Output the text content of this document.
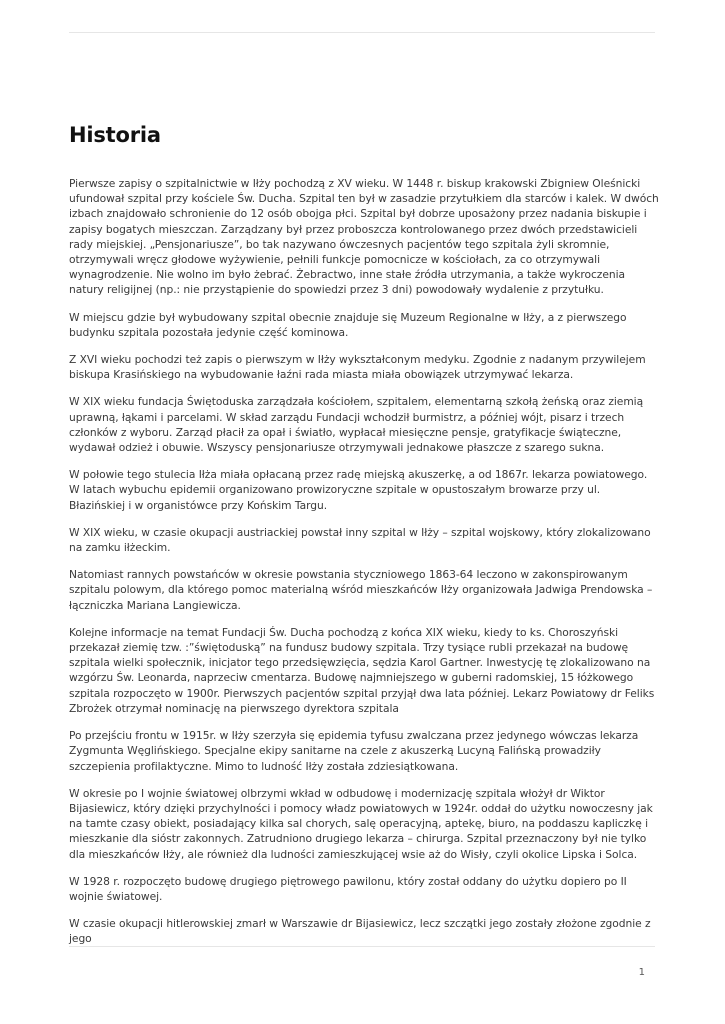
Historia

Pierwsze zapisy o szpitalnictwie w Iłży pochodzą z XV wieku. W 1448 r. biskup krakowski Zbigniew Oleśnicki ufundował szpital przy kościele Św. Ducha. Szpital ten był w zasadzie przytułkiem dla starców i kalek. W dwóch izbach znajdowało schronienie do 12 osób obojga płci. Szpital był dobrze uposażony przez nadania biskupie i zapisy bogatych mieszczan. Zarządzany był przez proboszcza kontrolowanego przez dwóch przedstawicieli rady miejskiej. „Pensjonariusze”, bo tak nazywano ówczesnych pacjentów tego szpitala żyli skromnie, otrzymywali wręcz głodowe wyżywienie, pełnili funkcje pomocnicze w kościołach, za co otrzymywali wynagrodzenie. Nie wolno im było żebrać. Żebractwo, inne stałe źródła utrzymania, a także wykroczenia natury religijnej (np.: nie przystąpienie do spowiedzi przez 3 dni) powodowały wydalenie z przytułku.

W miejscu gdzie był wybudowany szpital obecnie znajduje się Muzeum Regionalne w Iłży, a z pierwszego budynku szpitala pozostała jedynie część kominowa.

Z XVI wieku pochodzi też zapis o pierwszym w Iłży wykształconym medyku. Zgodnie z nadanym przywilejem biskupa Krasińskiego na wybudowanie łaźni rada miasta miała obowiązek utrzymywać lekarza.

W XIX wieku fundacja Świętoduska zarządzała kościołem, szpitalem, elementarną szkołą żeńską oraz ziemią uprawną, łąkami i parcelami. W skład zarządu Fundacji wchodził burmistrz, a później wójt, pisarz i trzech członków z wyboru. Zarząd płacił za opał i światło, wypłacał miesięczne pensje, gratyfikacje świąteczne, wydawał odzież i obuwie. Wszyscy pensjonariusze otrzymywali jednakowe płaszcze z szarego sukna.

W połowie tego stulecia Iłża miała opłacaną przez radę miejską akuszerkę, a od 1867r. lekarza powiatowego. W latach wybuchu epidemii organizowano prowizoryczne szpitale w opustoszałym browarze przy ul. Błazińskiej i w organistówce przy Końskim Targu.

W XIX wieku, w czasie okupacji austriackiej powstał inny szpital w Iłży – szpital wojskowy, który zlokalizowano na zamku iłżeckim.

Natomiast rannych powstańców w okresie powstania styczniowego 1863-64 leczono w zakonspirowanym szpitalu polowym, dla którego pomoc materialną wśród mieszkańców Iłży organizowała Jadwiga Prendowska – łączniczka Mariana Langiewicza.

Kolejne informacje na temat Fundacji Św. Ducha pochodzą z końca XIX wieku, kiedy to ks. Choroszyński przekazał ziemię tzw. :”świętoduską” na fundusz budowy szpitala. Trzy tysiące rubli przekazał na budowę szpitala wielki społecznik, inicjator tego przedsięwzięcia, sędzia Karol Gartner. Inwestycję tę zlokalizowano na wzgórzu Św. Leonarda, naprzeciw cmentarza. Budowę najmniejszego w guberni radomskiej, 15 łóżkowego szpitala rozpoczęto w 1900r. Pierwszych pacjentów szpital przyjął dwa lata później. Lekarz Powiatowy dr Feliks Zbrożek otrzymał nominację na pierwszego dyrektora szpitala

Po przejściu frontu w 1915r. w Iłży szerzyła się epidemia tyfusu zwalczana przez jedynego wówczas lekarza Zygmunta Węglińskiego. Specjalne ekipy sanitarne na czele z akuszerką Lucyną Falińską prowadziły szczepienia profilaktyczne. Mimo to ludność Iłży została zdziesiątkowana.

W okresie po I wojnie światowej olbrzymi wkład w odbudowę i modernizację szpitala włożył dr Wiktor Bijasiewicz, który dzięki przychylności i pomocy władz powiatowych w 1924r. oddał do użytku nowoczesny jak na tamte czasy obiekt, posiadający kilka sal chorych, salę operacyjną, aptekę, biuro, na poddaszu kapliczkę i mieszkanie dla sióstr zakonnych. Zatrudniono drugiego lekarza – chirurga. Szpital przeznaczony był nie tylko dla mieszkańców Iłży, ale również dla ludności zamieszkującej wsie aż do Wisły, czyli okolice Lipska i Solca.

W 1928 r. rozpoczęto budowę drugiego piętrowego pawilonu, który został oddany do użytku dopiero po II wojnie światowej.

W czasie okupacji hitlerowskiej zmarł w Warszawie dr Bijasiewicz, lecz szczątki jego zostały złożone zgodnie z jego

1
